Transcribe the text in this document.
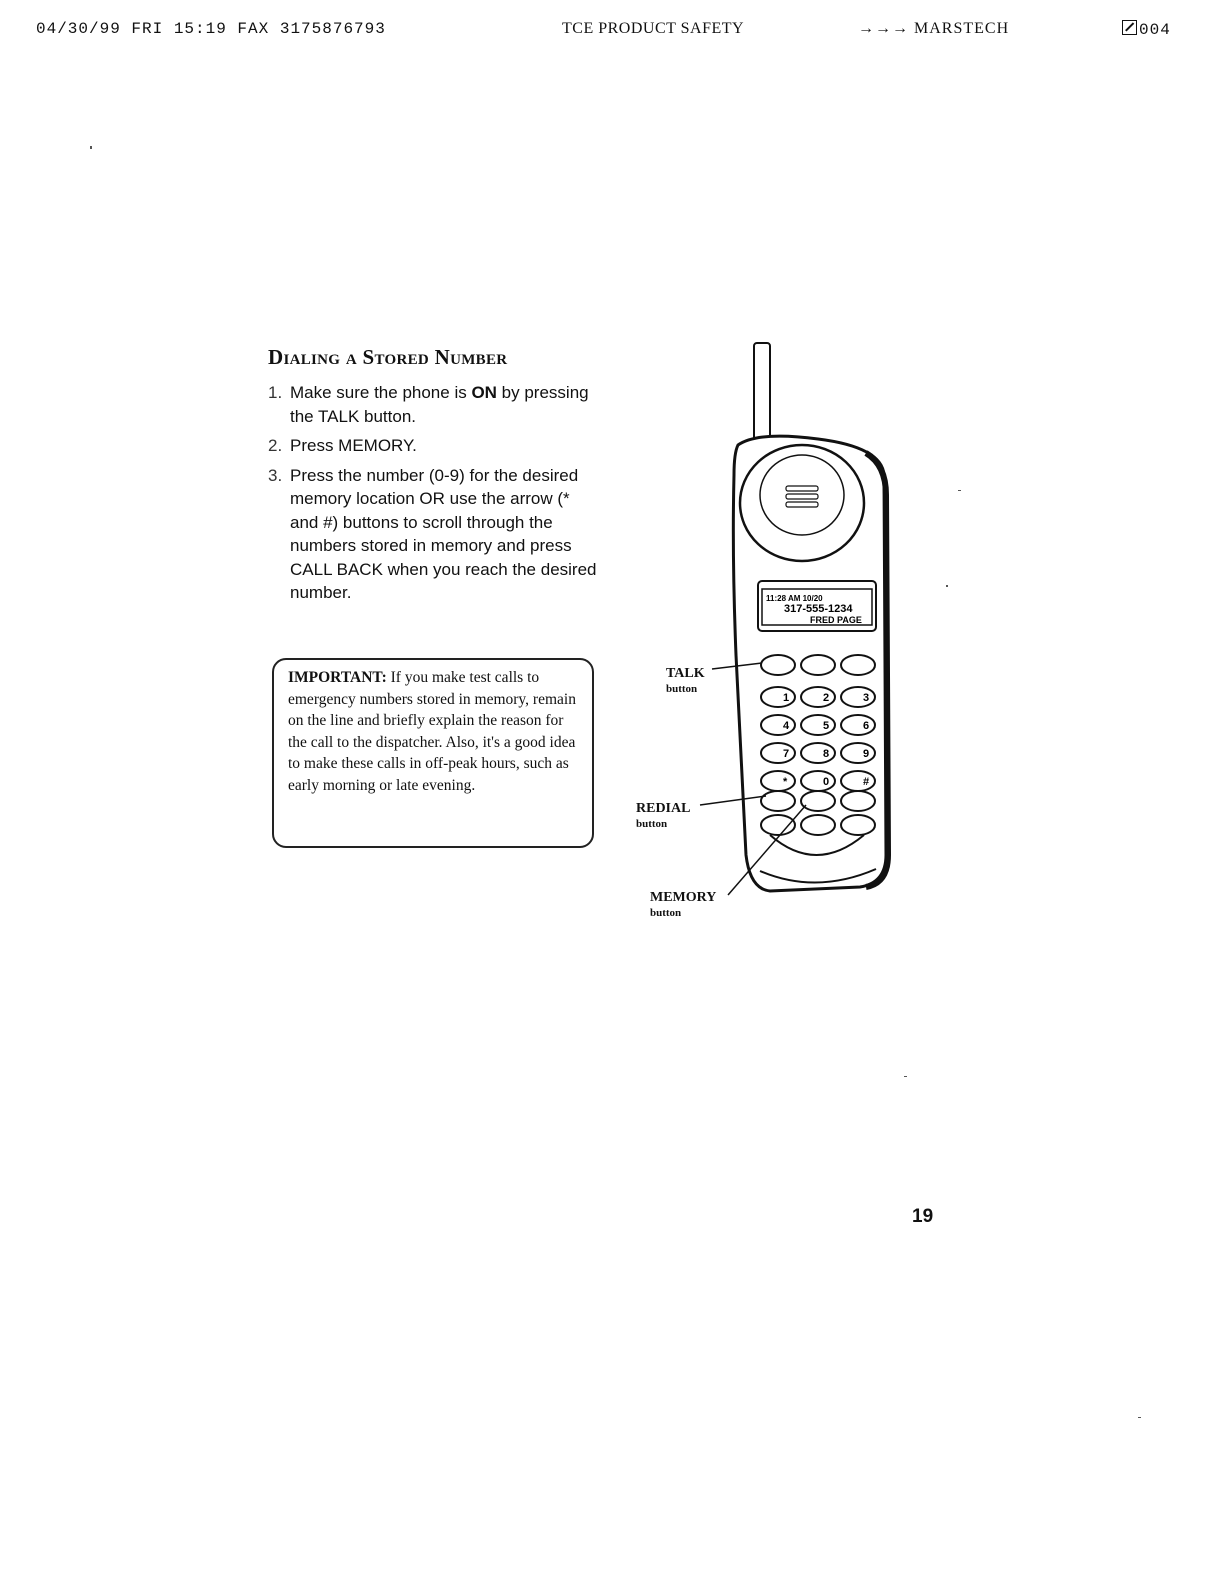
04/30/99 FRI 15:19 FAX 3175876793	TCE PRODUCT SAFETY	→→→ MARSTECH	004
Dialing a Stored Number
1. Make sure the phone is ON by pressing the TALK button.
2. Press MEMORY.
3. Press the number (0-9) for the desired memory location OR use the arrow (* and #) buttons to scroll through the numbers stored in memory and press CALL BACK when you reach the desired number.
IMPORTANT: If you make test calls to emergency numbers stored in memory, remain on the line and briefly explain the reason for the call to the dispatcher. Also, it's a good idea to make these calls in off-peak hours, such as early morning or late evening.
11:28 AM 10/20
317-555-1234
FRED PAGE
1	2	3
4	5	6
7	8	9
*	0	#
TALK
button
REDIAL
button
MEMORY
button
19
